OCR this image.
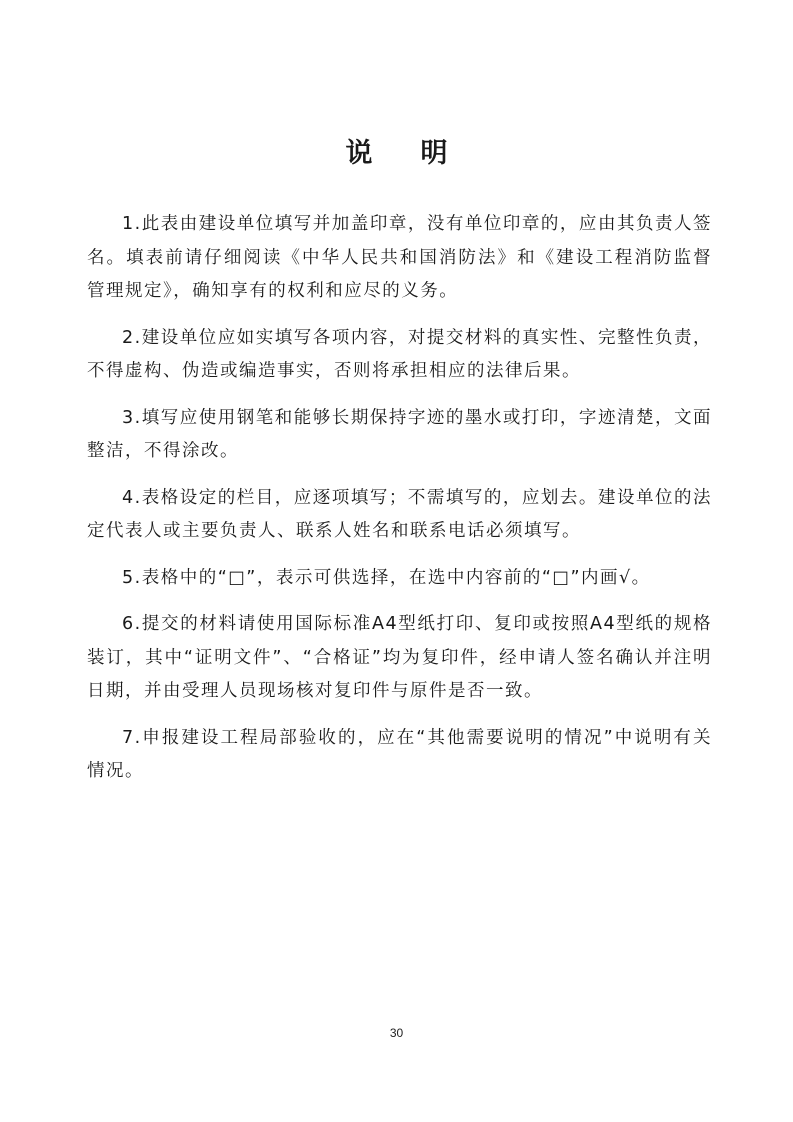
说 明

1.此表由建设单位填写并加盖印章，没有单位印章的，应由其负责人签名。填表前请仔细阅读《中华人民共和国消防法》和《建设工程消防监督管理规定》，确知享有的权利和应尽的义务。

2.建设单位应如实填写各项内容，对提交材料的真实性、完整性负责，不得虚构、伪造或编造事实，否则将承担相应的法律后果。

3.填写应使用钢笔和能够长期保持字迹的墨水或打印，字迹清楚，文面整洁，不得涂改。

4.表格设定的栏目，应逐项填写；不需填写的，应划去。建设单位的法定代表人或主要负责人、联系人姓名和联系电话必须填写。

5.表格中的“□”，表示可供选择，在选中内容前的“□”内画√。

6.提交的材料请使用国际标准A4型纸打印、复印或按照A4型纸的规格装订，其中“证明文件”、“合格证”均为复印件，经申请人签名确认并注明日期，并由受理人员现场核对复印件与原件是否一致。

7.申报建设工程局部验收的，应在“其他需要说明的情况”中说明有关情况。

30
